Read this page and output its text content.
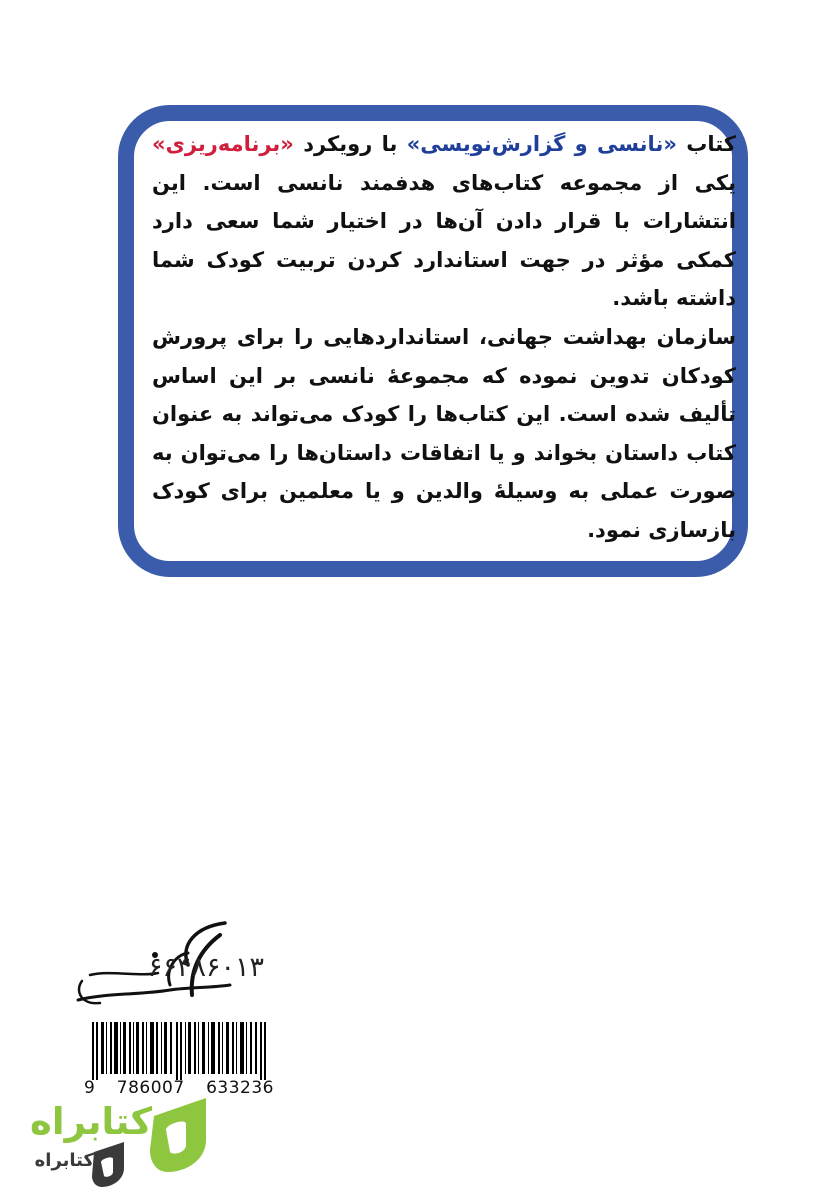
کتاب «نانسی و گزارش‌نویسی» با رویکرد «برنامه‌ریزی» یکی از مجموعه کتاب‌های هدفمند نانسی است. این انتشارات با قرار دادن آن‌ها در اختیار شما سعی دارد کمکی مؤثر در جهت استاندارد کردن تربیت کودک شما داشته باشد.

سازمان بهداشت جهانی، استانداردهایی را برای پرورش کودکان تدوین نموده که مجموعهٔ نانسی بر این اساس تألیف شده است. این کتاب‌ها را کودک می‌تواند به عنوان کتاب داستان بخواند و یا اتفاقات داستان‌ها را می‌توان به صورت عملی به وسیلهٔ والدین و یا معلمین برای کودک بازسازی نمود.

۶۶۴۸۶۰۱۳
9 786007 633236
کتابراه
کتابراه
